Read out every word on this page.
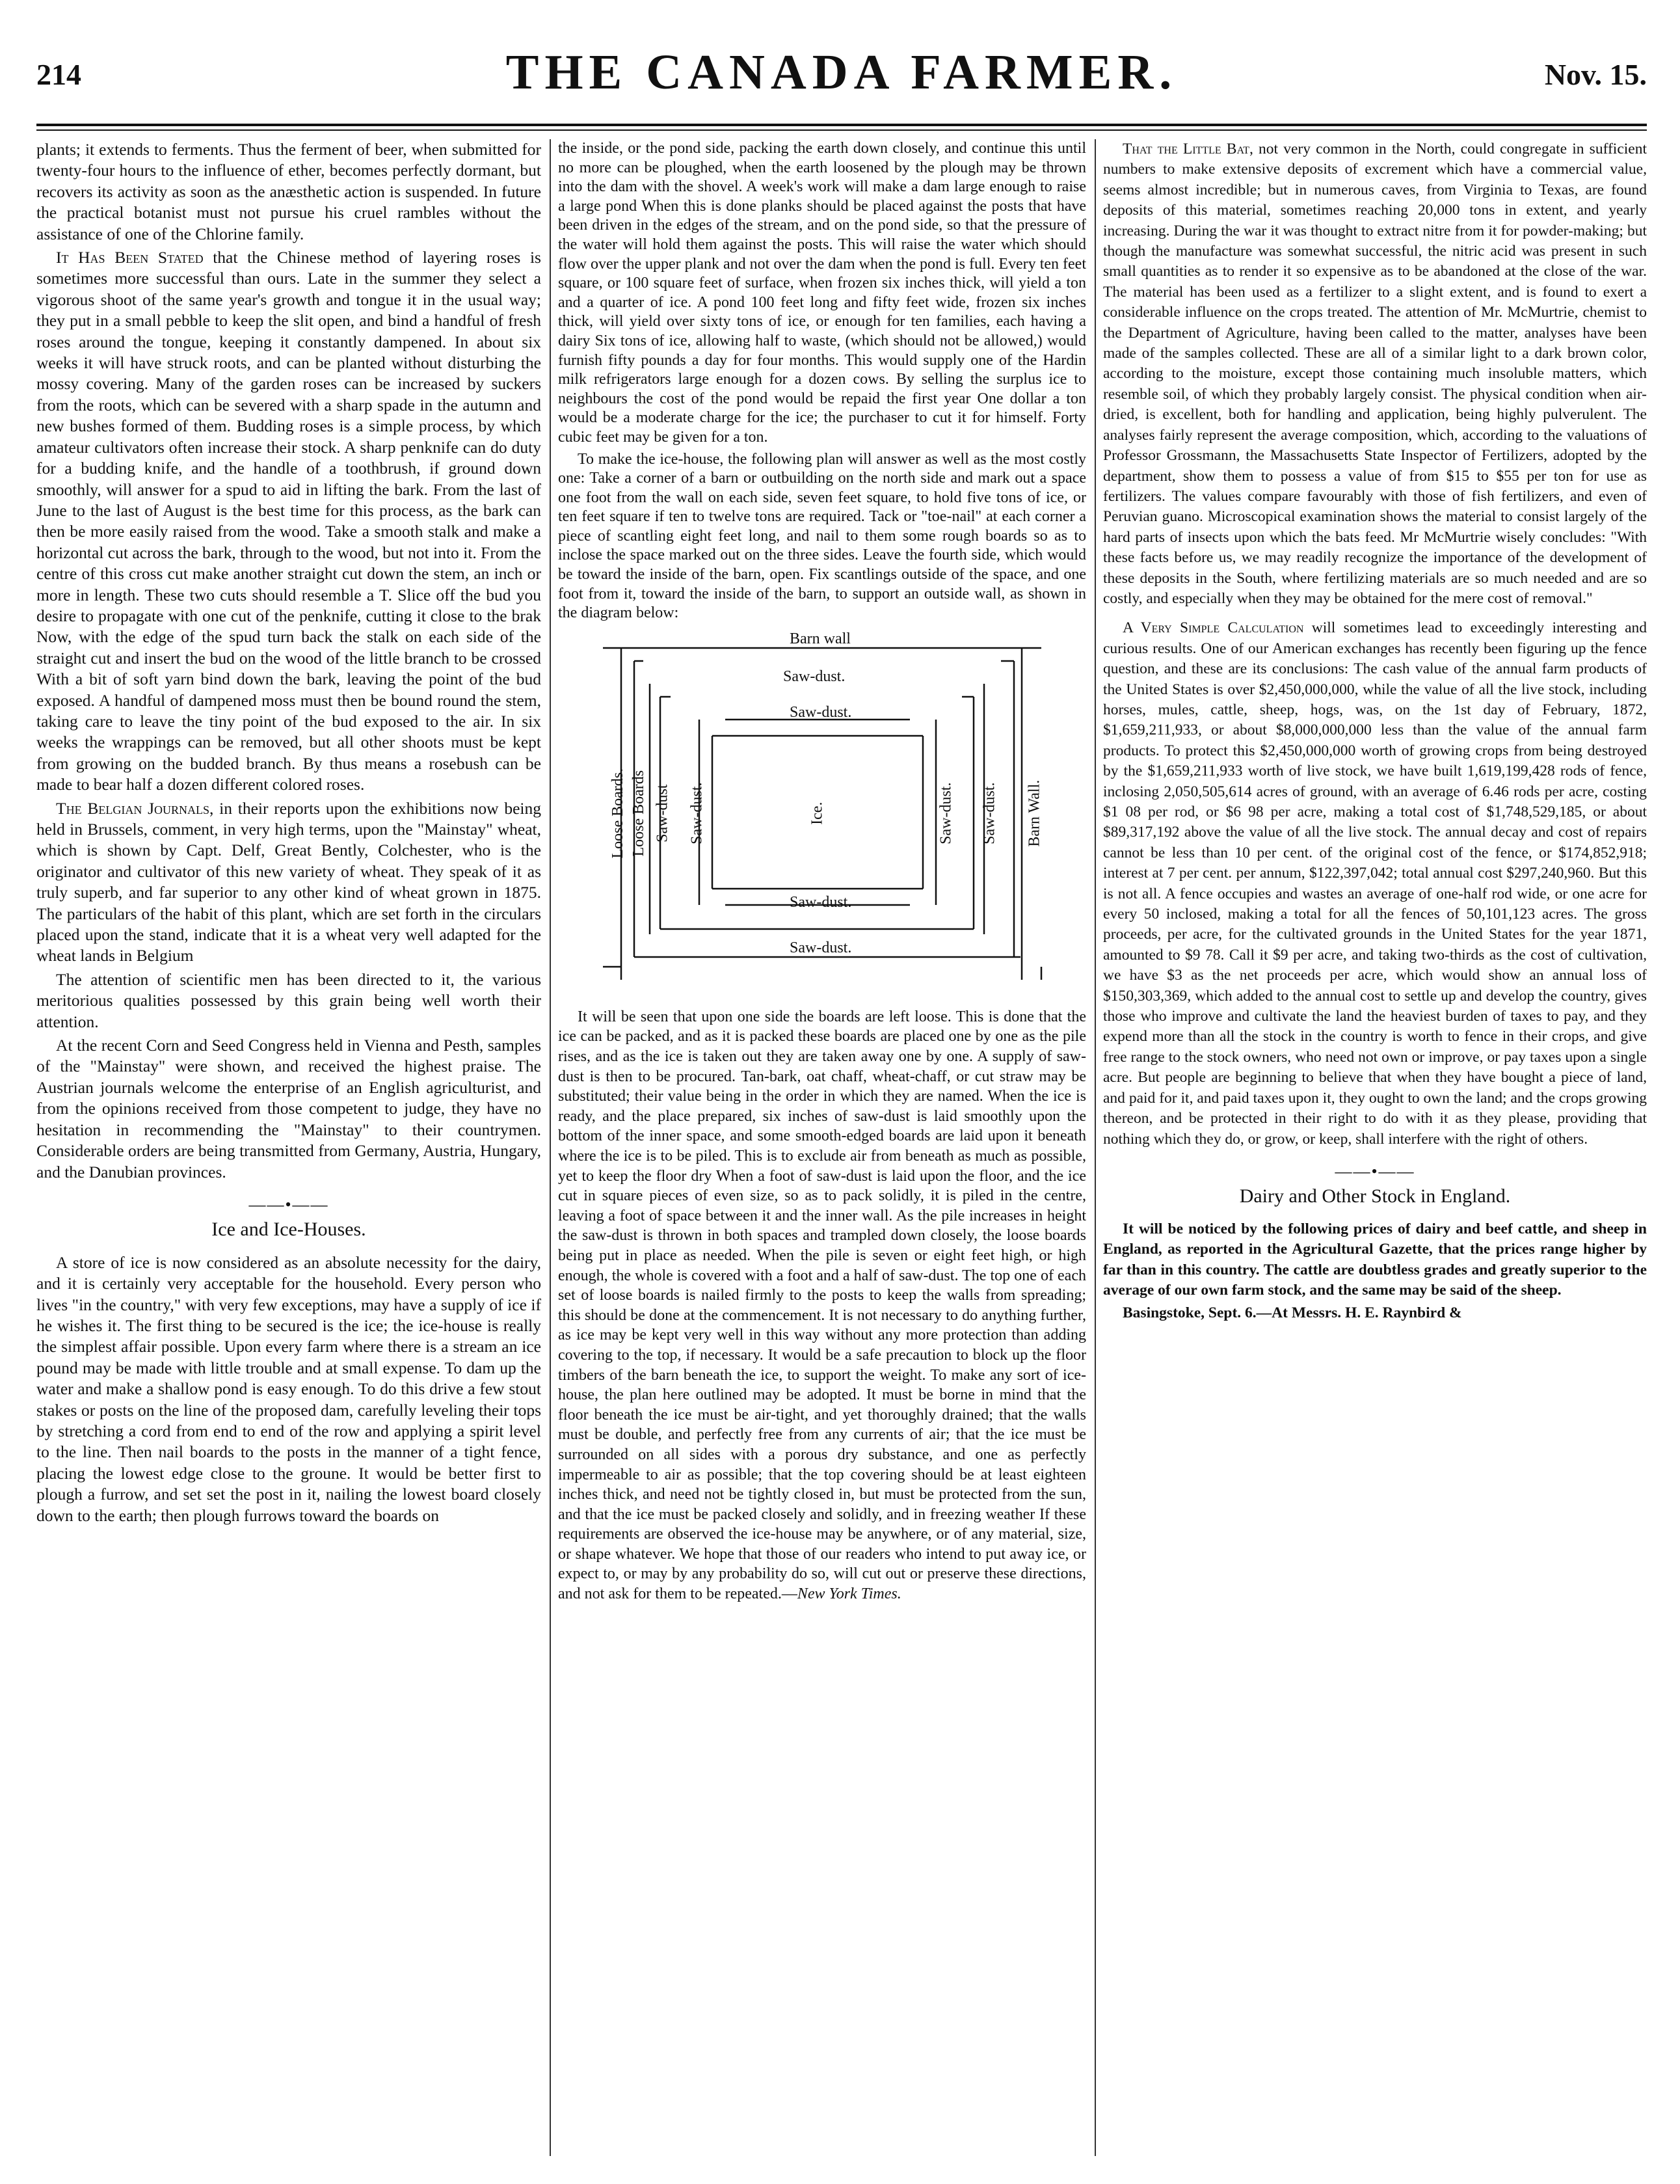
214	THE CANADA FARMER.	Nov. 15.

plants; it extends to ferments. Thus the ferment of beer, when submitted for twenty-four hours to the influence of ether, becomes perfectly dormant, but recovers its activity as soon as the anæsthetic action is suspended. In future the practical botanist must not pursue his cruel rambles without the assistance of one of the Chlorine family.

It Has Been Stated that the Chinese method of layering roses is sometimes more successful than ours. Late in the summer they select a vigorous shoot of the same year's growth and tongue it in the usual way; they put in a small pebble to keep the slit open, and bind a handful of fresh roses around the tongue, keeping it constantly dampened. In about six weeks it will have struck roots, and can be planted without disturbing the mossy covering. Many of the garden roses can be increased by suckers from the roots, which can be severed with a sharp spade in the autumn and new bushes formed of them. Budding roses is a simple process, by which amateur cultivators often increase their stock. A sharp penknife can do duty for a budding knife, and the handle of a toothbrush, if ground down smoothly, will answer for a spud to aid in lifting the bark. From the last of June to the last of August is the best time for this process, as the bark can then be more easily raised from the wood. Take a smooth stalk and make a horizontal cut across the bark, through to the wood, but not into it. From the centre of this cross cut make another straight cut down the stem, an inch or more in length. These two cuts should resemble a T. Slice off the bud you desire to propagate with one cut of the penknife, cutting it close to the brak Now, with the edge of the spud turn back the stalk on each side of the straight cut and insert the bud on the wood of the little branch to be crossed With a bit of soft yarn bind down the bark, leaving the point of the bud exposed. A handful of dampened moss must then be bound round the stem, taking care to leave the tiny point of the bud exposed to the air. In six weeks the wrappings can be removed, but all other shoots must be kept from growing on the budded branch. By thus means a rosebush can be made to bear half a dozen different colored roses.

The Belgian Journals, in their reports upon the exhibitions now being held in Brussels, comment, in very high terms, upon the "Mainstay" wheat, which is shown by Capt. Delf, Great Bently, Colchester, who is the originator and cultivator of this new variety of wheat. They speak of it as truly superb, and far superior to any other kind of wheat grown in 1875. The particulars of the habit of this plant, which are set forth in the circulars placed upon the stand, indicate that it is a wheat very well adapted for the wheat lands in Belgium

The attention of scientific men has been directed to it, the various meritorious qualities possessed by this grain being well worth their attention.

At the recent Corn and Seed Congress held in Vienna and Pesth, samples of the "Mainstay" were shown, and received the highest praise. The Austrian journals welcome the enterprise of an English agriculturist, and from the opinions received from those competent to judge, they have no hesitation in recommending the "Mainstay" to their countrymen. Considerable orders are being transmitted from Germany, Austria, Hungary, and the Danubian provinces.

——•——
Ice and Ice-Houses.

A store of ice is now considered as an absolute necessity for the dairy, and it is certainly very acceptable for the household. Every person who lives "in the country," with very few exceptions, may have a supply of ice if he wishes it. The first thing to be secured is the ice; the ice-house is really the simplest affair possible. Upon every farm where there is a stream an ice pound may be made with little trouble and at small expense. To dam up the water and make a shallow pond is easy enough. To do this drive a few stout stakes or posts on the line of the proposed dam, carefully leveling their tops by stretching a cord from end to end of the row and applying a spirit level to the line. Then nail boards to the posts in the manner of a tight fence, placing the lowest edge close to the groune. It would be better first to plough a furrow, and set set the post in it, nailing the lowest board closely down to the earth; then plough furrows toward the boards on

the inside, or the pond side, packing the earth down closely, and continue this until no more can be ploughed, when the earth loosened by the plough may be thrown into the dam with the shovel. A week's work will make a dam large enough to raise a large pond When this is done planks should be placed against the posts that have been driven in the edges of the stream, and on the pond side, so that the pressure of the water will hold them against the posts. This will raise the water which should flow over the upper plank and not over the dam when the pond is full. Every ten feet square, or 100 square feet of surface, when frozen six inches thick, will yield a ton and a quarter of ice. A pond 100 feet long and fifty feet wide, frozen six inches thick, will yield over sixty tons of ice, or enough for ten families, each having a dairy Six tons of ice, allowing half to waste, (which should not be allowed,) would furnish fifty pounds a day for four months. This would supply one of the Hardin milk refrigerators large enough for a dozen cows. By selling the surplus ice to neighbours the cost of the pond would be repaid the first year One dollar a ton would be a moderate charge for the ice; the purchaser to cut it for himself. Forty cubic feet may be given for a ton.

To make the ice-house, the following plan will answer as well as the most costly one: Take a corner of a barn or outbuilding on the north side and mark out a space one foot from the wall on each side, seven feet square, to hold five tons of ice, or ten feet square if ten to twelve tons are required. Tack or "toe-nail" at each corner a piece of scantling eight feet long, and nail to them some rough boards so as to inclose the space marked out on the three sides. Leave the fourth side, which would be toward the inside of the barn, open. Fix scantlings outside of the space, and one foot from it, toward the inside of the barn, to support an outside wall, as shown in the diagram below:

Barn wall
Saw-dust.
Saw-dust.
Ice.
Saw-dust.
Saw-dust.
Loose Boards. Loose Boards Saw-dust Saw-dust.	Saw-dust. Saw-dust. Barn Wall.

It will be seen that upon one side the boards are left loose. This is done that the ice can be packed, and as it is packed these boards are placed one by one as the pile rises, and as the ice is taken out they are taken away one by one. A supply of saw-dust is then to be procured. Tan-bark, oat chaff, wheat-chaff, or cut straw may be substituted; their value being in the order in which they are named. When the ice is ready, and the place prepared, six inches of saw-dust is laid smoothly upon the bottom of the inner space, and some smooth-edged boards are laid upon it beneath where the ice is to be piled. This is to exclude air from beneath as much as possible, yet to keep the floor dry When a foot of saw-dust is laid upon the floor, and the ice cut in square pieces of even size, so as to pack solidly, it is piled in the centre, leaving a foot of space between it and the inner wall. As the pile increases in height the saw-dust is thrown in both spaces and trampled down closely, the loose boards being put in place as needed. When the pile is seven or eight feet high, or high enough, the whole is covered with a foot and a half of saw-dust. The top one of each set of loose boards is nailed firmly to the posts to keep the walls from spreading; this should be done at the commencement. It is not necessary to do anything further, as ice may be kept very well in this way without any more protection than adding covering to the top, if necessary. It would be a safe precaution to block up the floor timbers of the barn beneath the ice, to support the weight. To make any sort of ice-house, the plan here outlined may be adopted. It must be borne in mind that the floor beneath the ice must be air-tight, and yet thoroughly drained; that the walls must be double, and perfectly free from any currents of air; that the ice must be surrounded on all sides with a porous dry substance, and one as perfectly impermeable to air as possible; that the top covering should be at least eighteen inches thick, and need not be tightly closed in, but must be protected from the sun, and that the ice must be packed closely and solidly, and in freezing weather If these requirements are observed the ice-house may be anywhere, or of any material, size, or shape whatever. We hope that those of our readers who intend to put away ice, or expect to, or may by any probability do so, will cut out or preserve these directions, and not ask for them to be repeated.—New York Times.

That the Little Bat, not very common in the North, could congregate in sufficient numbers to make extensive deposits of excrement which have a commercial value, seems almost incredible; but in numerous caves, from Virginia to Texas, are found deposits of this material, sometimes reaching 20,000 tons in extent, and yearly increasing. During the war it was thought to extract nitre from it for powder-making; but though the manufacture was somewhat successful, the nitric acid was present in such small quantities as to render it so expensive as to be abandoned at the close of the war. The material has been used as a fertilizer to a slight extent, and is found to exert a considerable influence on the crops treated. The attention of Mr. McMurtrie, chemist to the Department of Agriculture, having been called to the matter, analyses have been made of the samples collected. These are all of a similar light to a dark brown color, according to the moisture, except those containing much insoluble matters, which resemble soil, of which they probably largely consist. The physical condition when air-dried, is excellent, both for handling and application, being highly pulverulent. The analyses fairly represent the average composition, which, according to the valuations of Professor Grossmann, the Massachusetts State Inspector of Fertilizers, adopted by the department, show them to possess a value of from $15 to $55 per ton for use as fertilizers. The values compare favourably with those of fish fertilizers, and even of Peruvian guano. Microscopical examination shows the material to consist largely of the hard parts of insects upon which the bats feed. Mr McMurtrie wisely concludes: "With these facts before us, we may readily recognize the importance of the development of these deposits in the South, where fertilizing materials are so much needed and are so costly, and especially when they may be obtained for the mere cost of removal."

A Very Simple Calculation will sometimes lead to exceedingly interesting and curious results. One of our American exchanges has recently been figuring up the fence question, and these are its conclusions: The cash value of the annual farm products of the United States is over $2,450,000,000, while the value of all the live stock, including horses, mules, cattle, sheep, hogs, was, on the 1st day of February, 1872, $1,659,211,933, or about $8,000,000,000 less than the value of the annual farm products. To protect this $2,450,000,000 worth of growing crops from being destroyed by the $1,659,211,933 worth of live stock, we have built 1,619,199,428 rods of fence, inclosing 2,050,505,614 acres of ground, with an average of 6.46 rods per acre, costing $1 08 per rod, or $6 98 per acre, making a total cost of $1,748,529,185, or about $89,317,192 above the value of all the live stock. The annual decay and cost of repairs cannot be less than 10 per cent. of the original cost of the fence, or $174,852,918; interest at 7 per cent. per annum, $122,397,042; total annual cost $297,240,960. But this is not all. A fence occupies and wastes an average of one-half rod wide, or one acre for every 50 inclosed, making a total for all the fences of 50,101,123 acres. The gross proceeds, per acre, for the cultivated grounds in the United States for the year 1871, amounted to $9 78. Call it $9 per acre, and taking two-thirds as the cost of cultivation, we have $3 as the net proceeds per acre, which would show an annual loss of $150,303,369, which added to the annual cost to settle up and develop the country, gives those who improve and cultivate the land the heaviest burden of taxes to pay, and they expend more than all the stock in the country is worth to fence in their crops, and give free range to the stock owners, who need not own or improve, or pay taxes upon a single acre. But people are beginning to believe that when they have bought a piece of land, and paid for it, and paid taxes upon it, they ought to own the land; and the crops growing thereon, and be protected in their right to do with it as they please, providing that nothing which they do, or grow, or keep, shall interfere with the right of others.

——•——
Dairy and Other Stock in England.

It will be noticed by the following prices of dairy and beef cattle, and sheep in England, as reported in the Agricultural Gazette, that the prices range higher by far than in this country. The cattle are doubtless grades and greatly superior to the average of our own farm stock, and the same may be said of the sheep.

Basingstoke, Sept. 6.—At Messrs. H. E. Raynbird &
